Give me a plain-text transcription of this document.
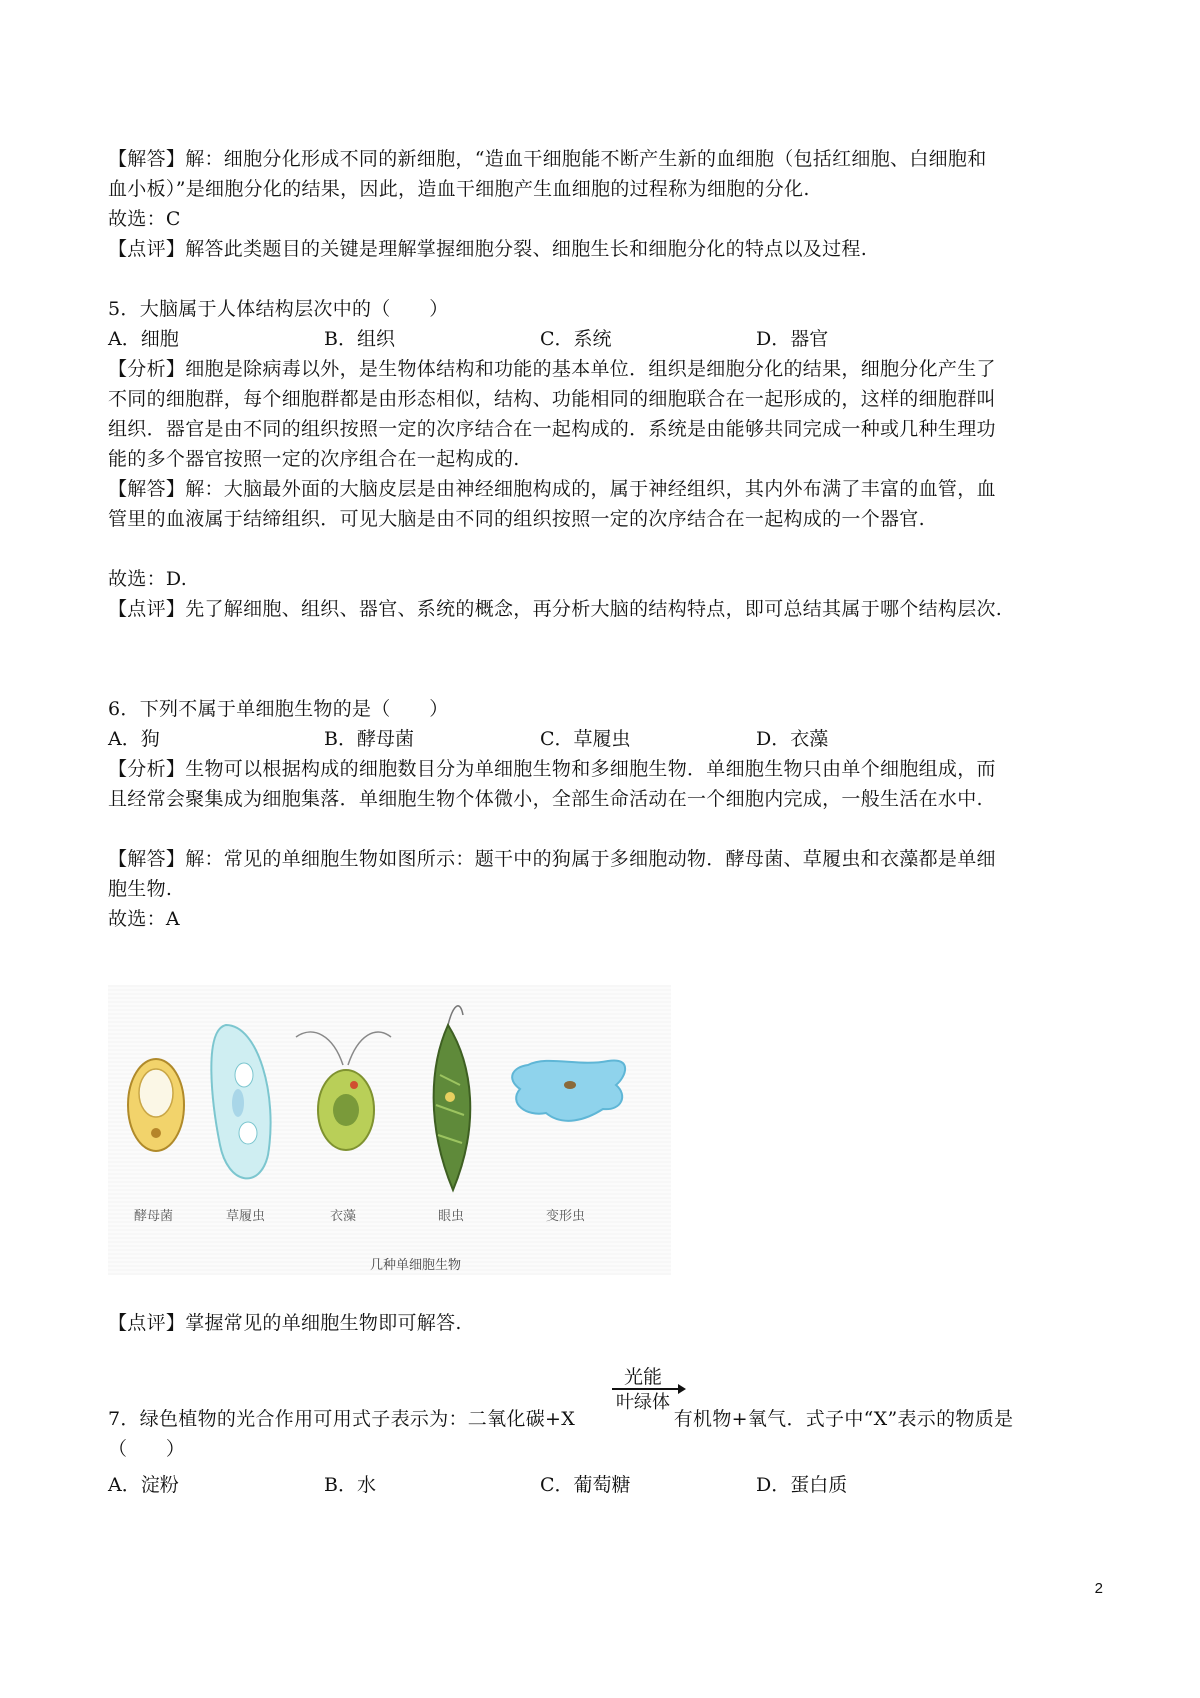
【解答】解：细胞分化形成不同的新细胞，“造血干细胞能不断产生新的血细胞（包括红细胞、白细胞和
血小板）”是细胞分化的结果，因此，造血干细胞产生血细胞的过程称为细胞的分化.
故选：C
【点评】解答此类题目的关键是理解掌握细胞分裂、细胞生长和细胞分化的特点以及过程.
5．大脑属于人体结构层次中的（　　）
A．细胞	B．组织	C．系统	D．器官
【分析】细胞是除病毒以外，是生物体结构和功能的基本单位．组织是细胞分化的结果，细胞分化产生了
不同的细胞群，每个细胞群都是由形态相似，结构、功能相同的细胞联合在一起形成的，这样的细胞群叫
组织．器官是由不同的组织按照一定的次序结合在一起构成的．系统是由能够共同完成一种或几种生理功
能的多个器官按照一定的次序组合在一起构成的.
【解答】解：大脑最外面的大脑皮层是由神经细胞构成的，属于神经组织，其内外布满了丰富的血管，血
管里的血液属于结缔组织．可见大脑是由不同的组织按照一定的次序结合在一起构成的一个器官.
故选：D.
【点评】先了解细胞、组织、器官、系统的概念，再分析大脑的结构特点，即可总结其属于哪个结构层次.
6．下列不属于单细胞生物的是（　　）
A．狗	B．酵母菌	C．草履虫	D．衣藻
【分析】生物可以根据构成的细胞数目分为单细胞生物和多细胞生物．单细胞生物只由单个细胞组成，而
且经常会聚集成为细胞集落．单细胞生物个体微小，全部生命活动在一个细胞内完成，一般生活在水中.
【解答】解：常见的单细胞生物如图所示：题干中的狗属于多细胞动物．酵母菌、草履虫和衣藻都是单细
胞生物.
故选：A
酵母菌	草履虫	衣藻	眼虫	变形虫
几种单细胞生物
【点评】掌握常见的单细胞生物即可解答.
7．绿色植物的光合作用可用式子表示为：二氧化碳+X	有机物+氧气．式子中“X”表示的物质是
光能
叶绿体
（　　）
A．淀粉	B．水	C．葡萄糖	D．蛋白质
2
